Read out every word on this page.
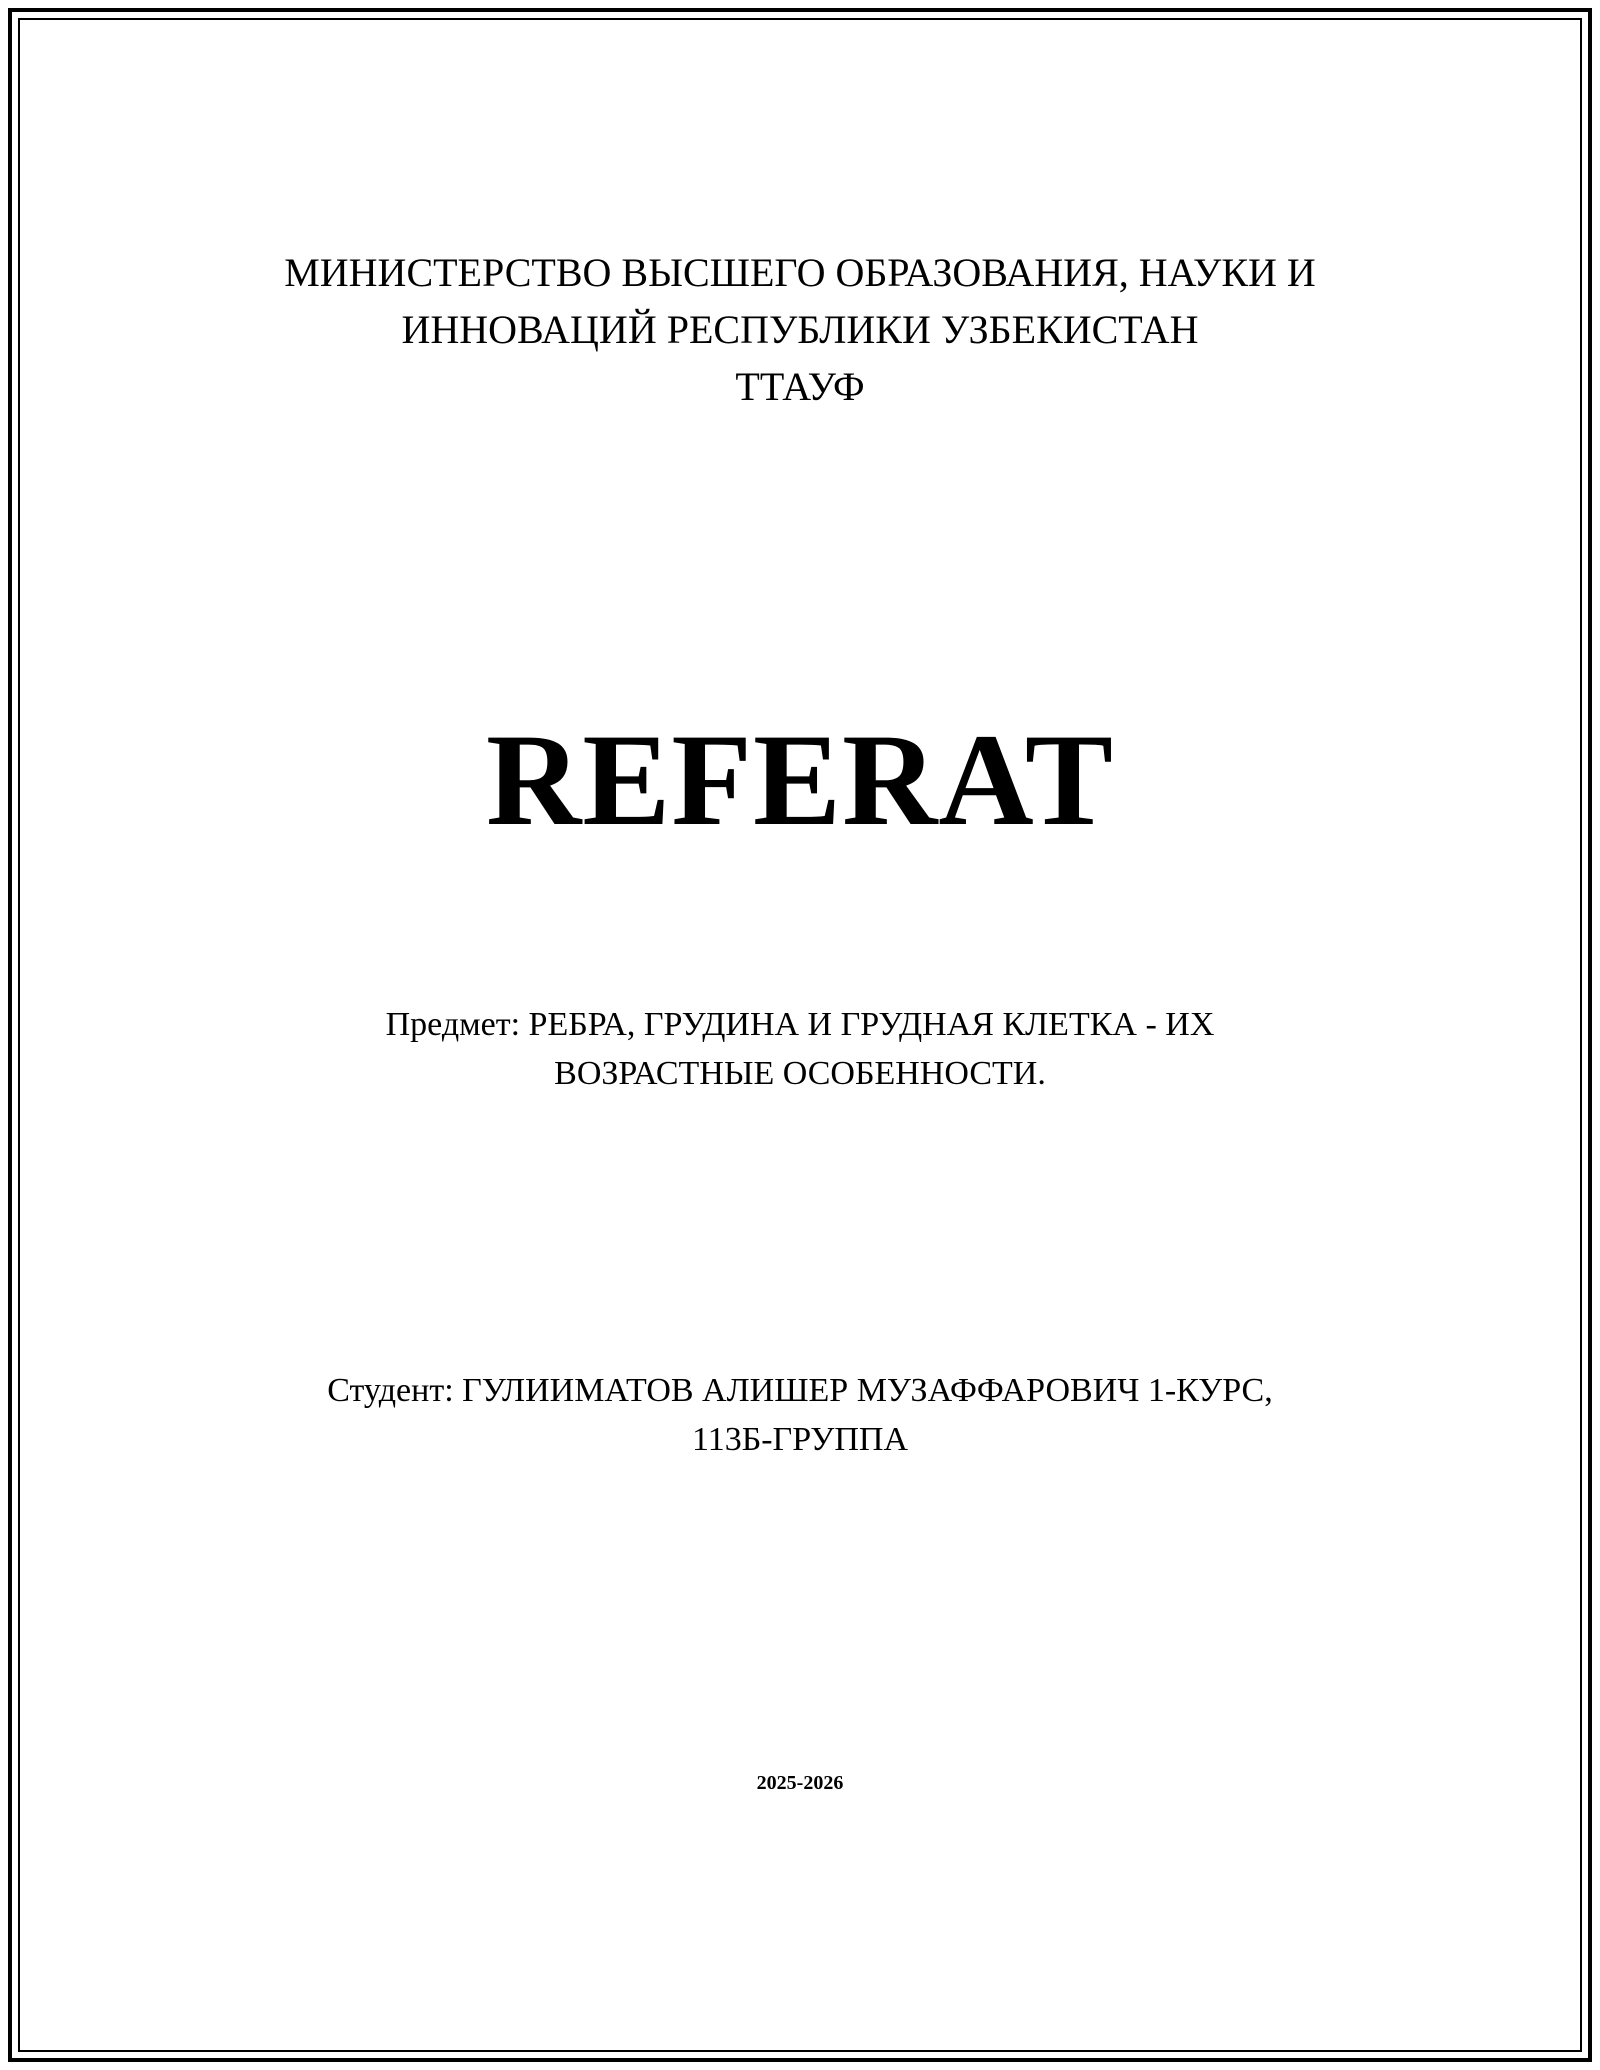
МИНИСТЕРСТВО ВЫСШЕГО ОБРАЗОВАНИЯ, НАУКИ И
ИННОВАЦИЙ РЕСПУБЛИКИ УЗБЕКИСТАН
ТТАУФ
REFERAT
Предмет: РЕБРА, ГРУДИНА И ГРУДНАЯ КЛЕТКА - ИХ
ВОЗРАСТНЫЕ ОСОБЕННОСТИ.
Студент: ГУЛИИМАТОВ АЛИШЕР МУЗАФФАРОВИЧ 1-КУРС,
113Б-ГРУППА
2025-2026
